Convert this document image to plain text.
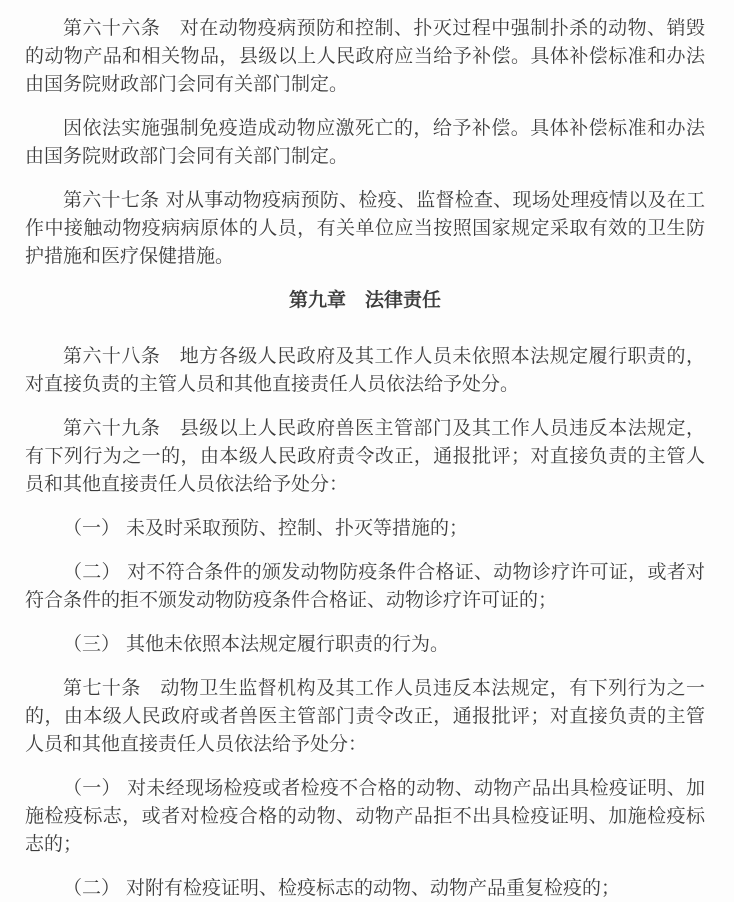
第六十六条　对在动物疫病预防和控制、扑灭过程中强制扑杀的动物、销毁的动物产品和相关物品，县级以上人民政府应当给予补偿。具体补偿标准和办法由国务院财政部门会同有关部门制定。

因依法实施强制免疫造成动物应激死亡的，给予补偿。具体补偿标准和办法由国务院财政部门会同有关部门制定。

第六十七条 对从事动物疫病预防、检疫、监督检查、现场处理疫情以及在工作中接触动物疫病病原体的人员，有关单位应当按照国家规定采取有效的卫生防护措施和医疗保健措施。

第九章　法律责任

第六十八条　地方各级人民政府及其工作人员未依照本法规定履行职责的，对直接负责的主管人员和其他直接责任人员依法给予处分。

第六十九条　县级以上人民政府兽医主管部门及其工作人员违反本法规定，有下列行为之一的，由本级人民政府责令改正，通报批评；对直接负责的主管人员和其他直接责任人员依法给予处分：

（一） 未及时采取预防、控制、扑灭等措施的；

（二） 对不符合条件的颁发动物防疫条件合格证、动物诊疗许可证，或者对符合条件的拒不颁发动物防疫条件合格证、动物诊疗许可证的；

（三） 其他未依照本法规定履行职责的行为。

第七十条　动物卫生监督机构及其工作人员违反本法规定，有下列行为之一的，由本级人民政府或者兽医主管部门责令改正，通报批评；对直接负责的主管人员和其他直接责任人员依法给予处分：

（一） 对未经现场检疫或者检疫不合格的动物、动物产品出具检疫证明、加施检疫标志，或者对检疫合格的动物、动物产品拒不出具检疫证明、加施检疫标志的；

（二） 对附有检疫证明、检疫标志的动物、动物产品重复检疫的；
